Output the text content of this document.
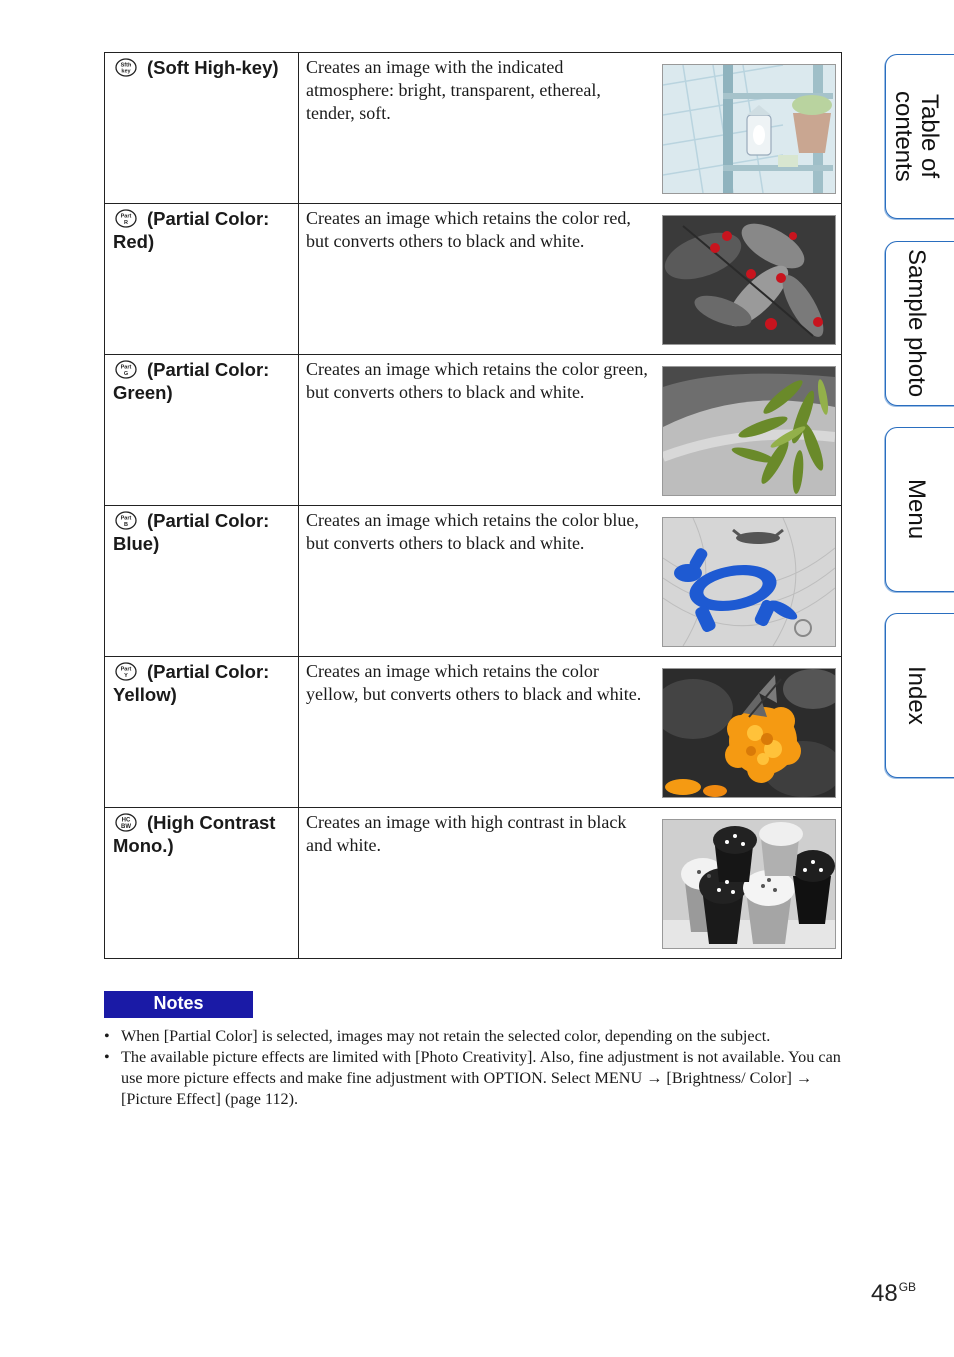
Sfth
key (Soft High-key)	Creates an image with the indicated atmosphere: bright, transparent, ethereal, tender, soft.

Part
R (Partial Color: Red)	Creates an image which retains the color red, but converts others to black and white.

Part
G (Partial Color: Green)	Creates an image which retains the color green, but converts others to black and white.

Part
B (Partial Color: Blue)	Creates an image which retains the color blue, but converts others to black and white.

Part
Y (Partial Color: Yellow)	Creates an image which retains the color yellow, but converts others to black and white.

HC
BW (High Contrast Mono.)	Creates an image with high contrast in black and white.
Notes
• When [Partial Color] is selected, images may not retain the selected color, depending on the subject.
• The available picture effects are limited with [Photo Creativity]. Also, fine adjustment is not available. You can use more picture effects and make fine adjustment with OPTION. Select MENU → [Brightness/ Color] → [Picture Effect] (page 112).
Table of contents
Sample photo
Menu
Index
$48^{GB}$
